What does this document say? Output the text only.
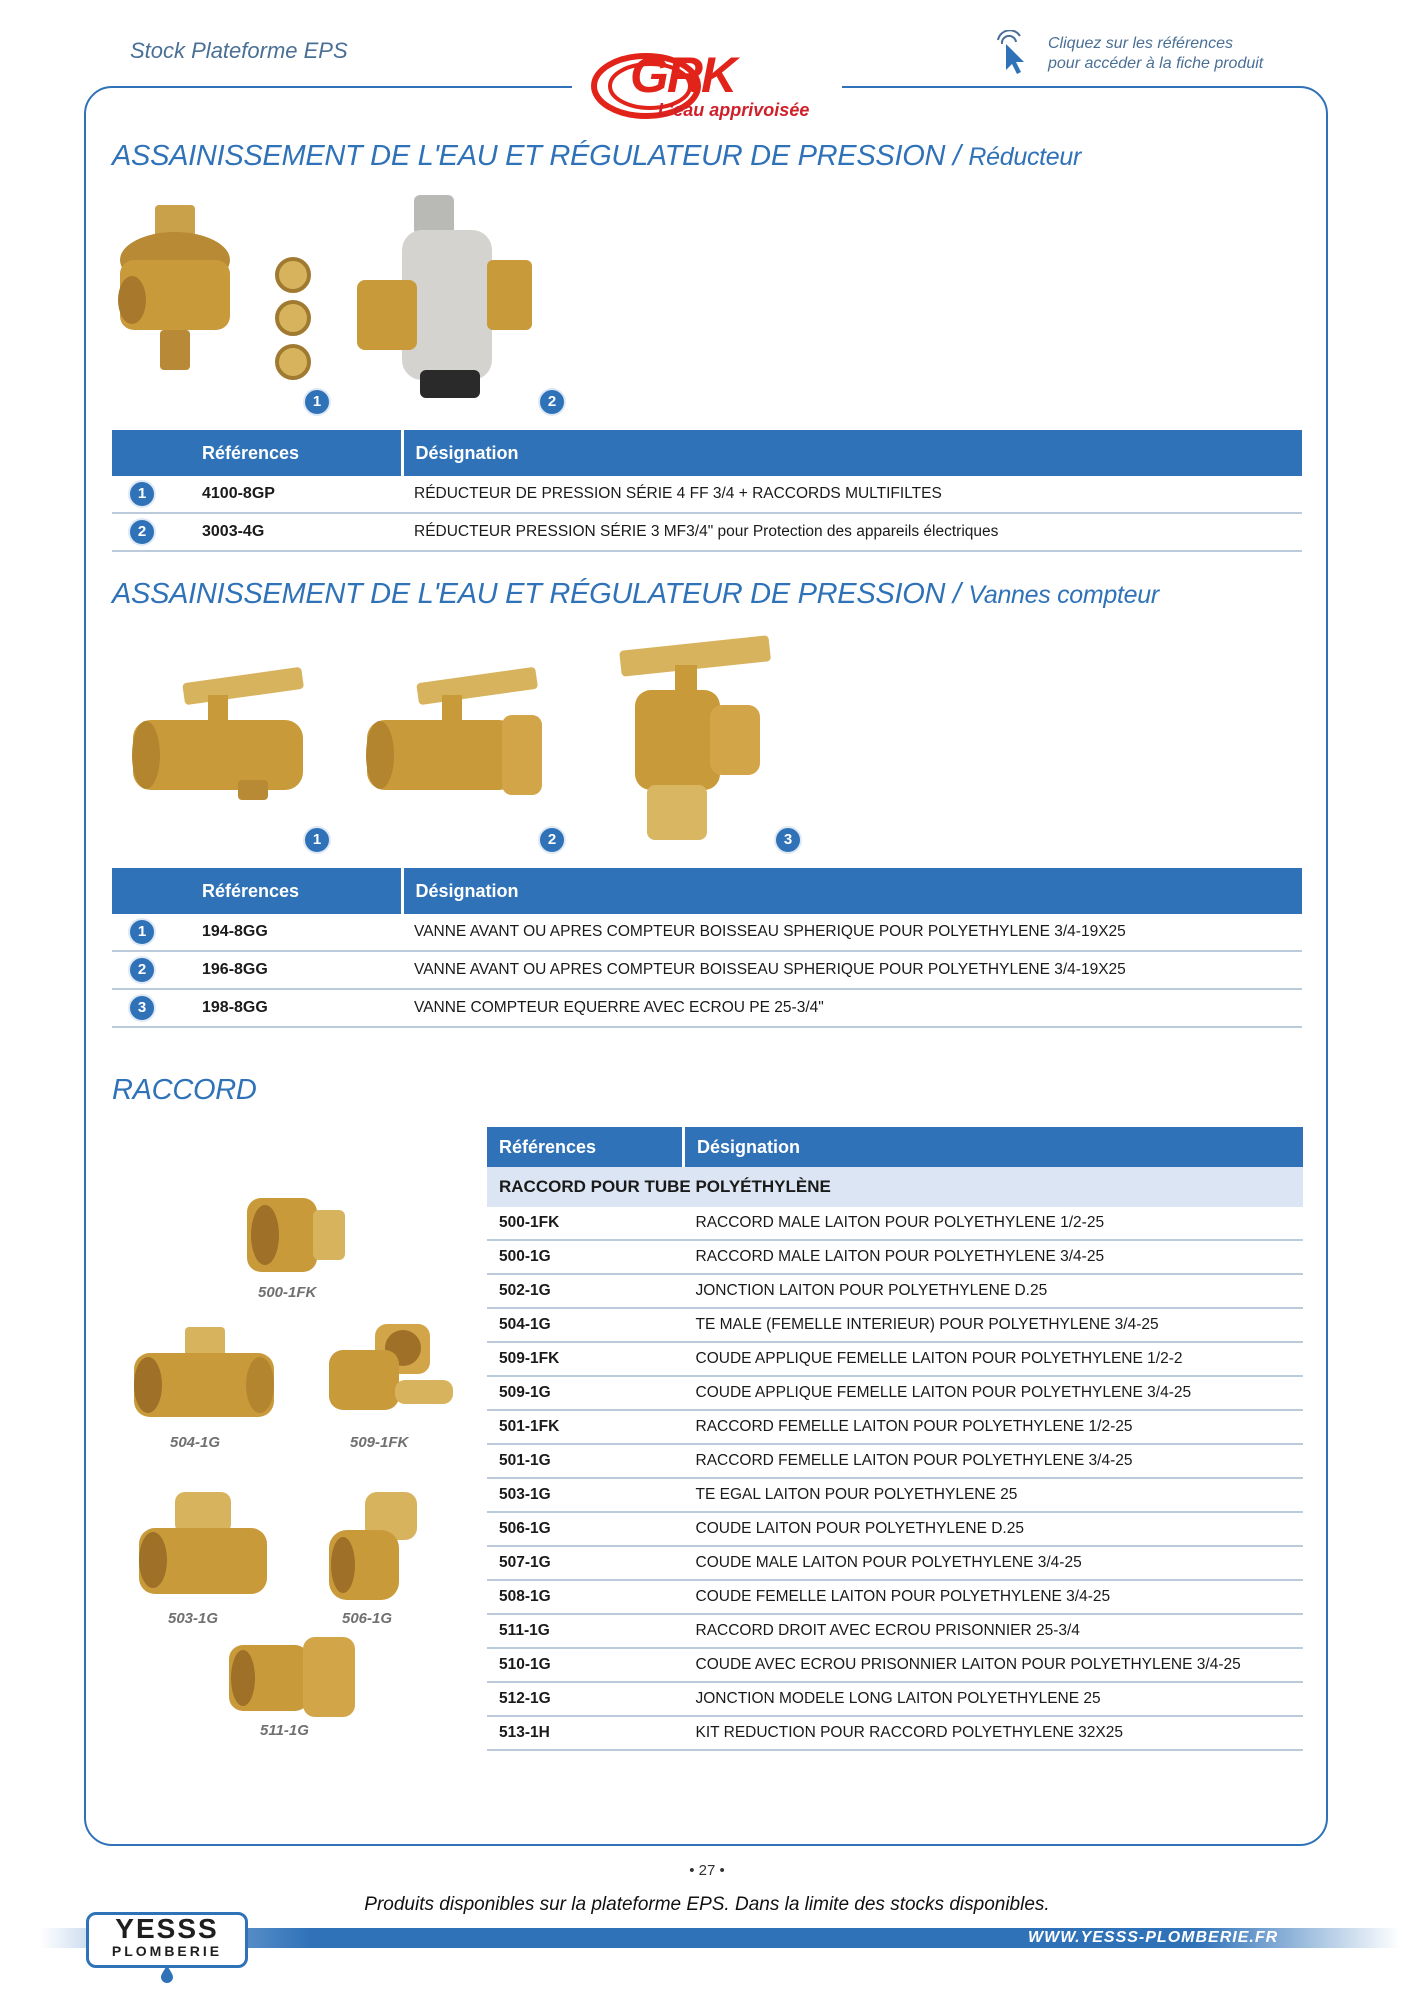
Stock Plateforme EPS	Cliquez sur les références
pour accéder à la fiche produit
GRK
L'eau apprivoisée
ASSAINISSEMENT DE L'EAU ET RÉGULATEUR DE PRESSION / Réducteur
1	2
Références		Désignation
1	4100-8GP	RÉDUCTEUR DE PRESSION SÉRIE 4 FF 3/4 + RACCORDS MULTIFILTES
2	3003-4G	RÉDUCTEUR PRESSION SÉRIE 3 MF3/4" pour Protection des appareils électriques
ASSAINISSEMENT DE L'EAU ET RÉGULATEUR DE PRESSION / Vannes compteur
1	2	3
Références		Désignation
1	194-8GG	VANNE AVANT OU APRES COMPTEUR BOISSEAU SPHERIQUE POUR POLYETHYLENE 3/4-19X25
2	196-8GG	VANNE AVANT OU APRES COMPTEUR BOISSEAU SPHERIQUE POUR POLYETHYLENE 3/4-19X25
3	198-8GG	VANNE COMPTEUR EQUERRE AVEC ECROU PE 25-3/4"
RACCORD
500-1FK
504-1G	509-1FK
503-1G	506-1G
511-1G
Références	Désignation
RACCORD POUR TUBE POLYÉTHYLÈNE	
500-1FK	RACCORD MALE LAITON POUR POLYETHYLENE 1/2-25
500-1G	RACCORD MALE LAITON POUR POLYETHYLENE 3/4-25
502-1G	JONCTION LAITON POUR POLYETHYLENE D.25
504-1G	TE MALE (FEMELLE INTERIEUR) POUR POLYETHYLENE 3/4-25
509-1FK	COUDE APPLIQUE FEMELLE LAITON POUR POLYETHYLENE 1/2-2
509-1G	COUDE APPLIQUE FEMELLE LAITON POUR POLYETHYLENE 3/4-25
501-1FK	RACCORD FEMELLE LAITON POUR POLYETHYLENE 1/2-25
501-1G	RACCORD FEMELLE LAITON POUR POLYETHYLENE 3/4-25
503-1G	TE EGAL LAITON POUR POLYETHYLENE 25
506-1G	COUDE LAITON POUR POLYETHYLENE D.25
507-1G	COUDE MALE LAITON POUR POLYETHYLENE 3/4-25
508-1G	COUDE FEMELLE LAITON POUR POLYETHYLENE 3/4-25
511-1G	RACCORD DROIT AVEC ECROU PRISONNIER 25-3/4
510-1G	COUDE AVEC ECROU PRISONNIER LAITON POUR POLYETHYLENE 3/4-25
512-1G	JONCTION MODELE LONG LAITON POLYETHYLENE 25
513-1H	KIT REDUCTION POUR RACCORD POLYETHYLENE 32X25
• 27 •
Produits disponibles sur la plateforme EPS. Dans la limite des stocks disponibles.
WWW.YESSS-PLOMBERIE.FR
YESSS
PLOMBERIE
